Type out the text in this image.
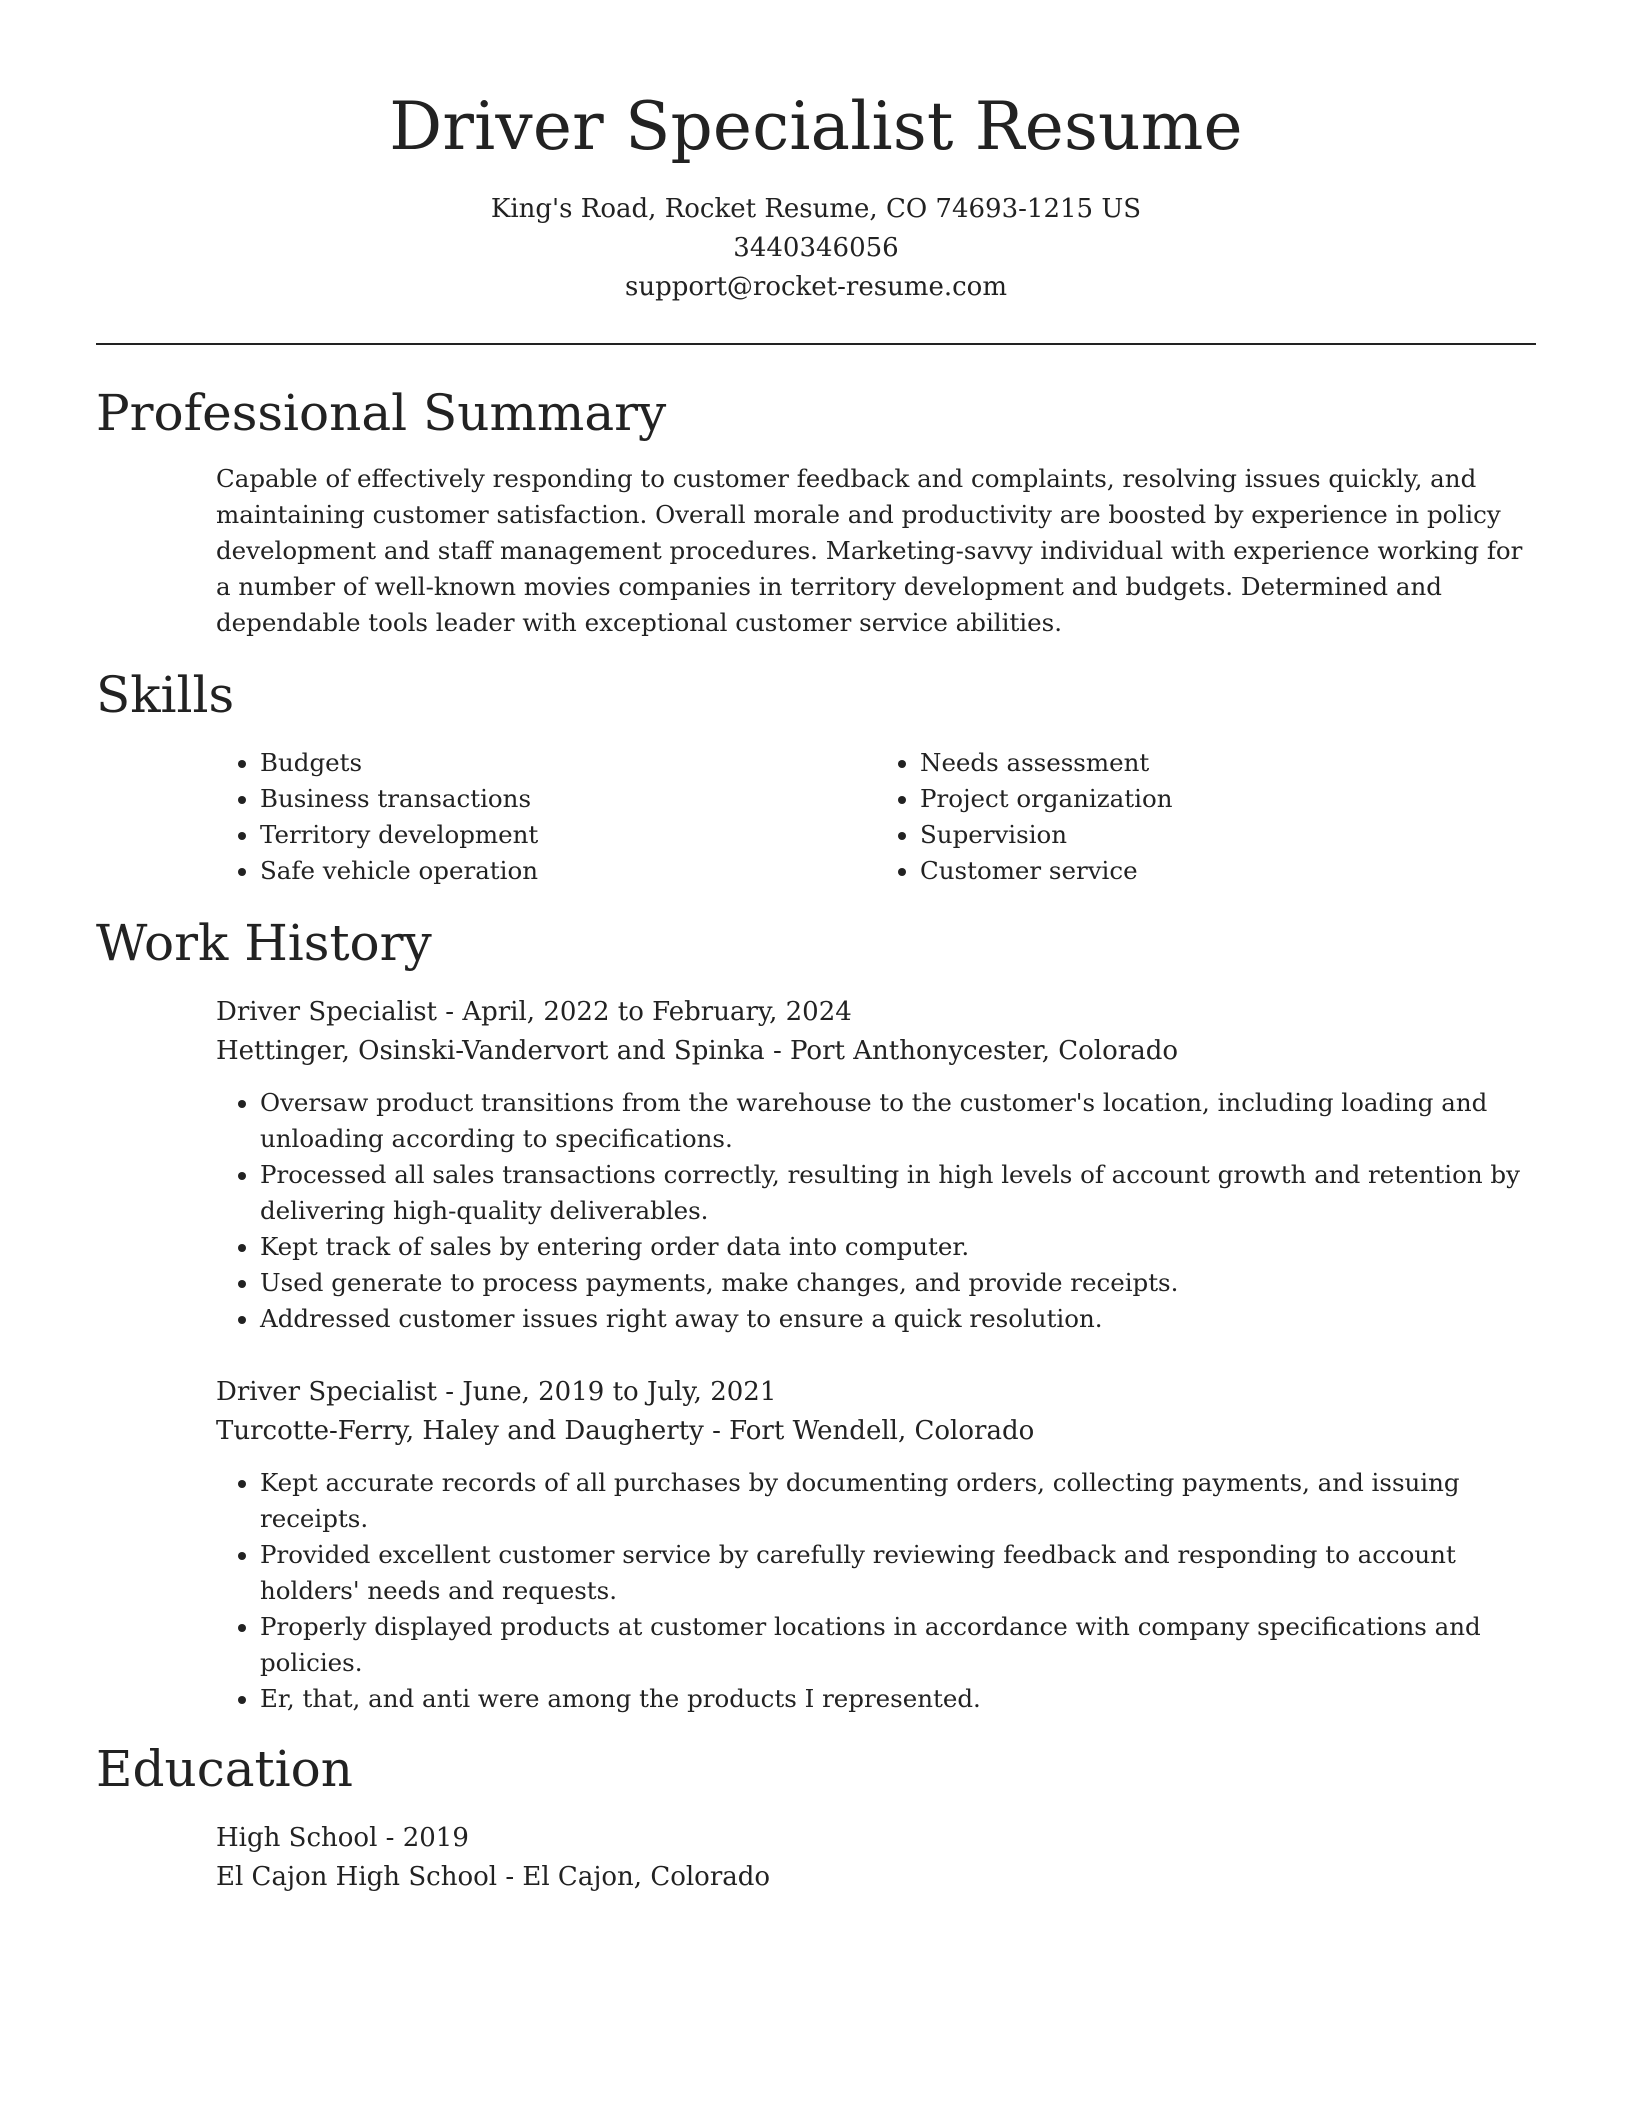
Driver Specialist Resume
King's Road, Rocket Resume, CO 74693-1215 US
3440346056
support@rocket-resume.com
Professional Summary

Capable of effectively responding to customer feedback and complaints, resolving issues quickly, and maintaining customer satisfaction. Overall morale and productivity are boosted by experience in policy development and staff management procedures. Marketing-savvy individual with experience working for a number of well-known movies companies in territory development and budgets. Determined and dependable tools leader with exceptional customer service abilities.

Skills
• Budgets
• Business transactions
• Territory development
• Safe vehicle operation
• Needs assessment
• Project organization
• Supervision
• Customer service
Work History
Driver Specialist - April, 2022 to February, 2024
Hettinger, Osinski-Vandervort and Spinka - Port Anthonycester, Colorado
• Oversaw product transitions from the warehouse to the customer's location, including loading and unloading according to specifications.
• Processed all sales transactions correctly, resulting in high levels of account growth and retention by delivering high-quality deliverables.
• Kept track of sales by entering order data into computer.
• Used generate to process payments, make changes, and provide receipts.
• Addressed customer issues right away to ensure a quick resolution.
Driver Specialist - June, 2019 to July, 2021
Turcotte-Ferry, Haley and Daugherty - Fort Wendell, Colorado
• Kept accurate records of all purchases by documenting orders, collecting payments, and issuing receipts.
• Provided excellent customer service by carefully reviewing feedback and responding to account holders' needs and requests.
• Properly displayed products at customer locations in accordance with company specifications and policies.
• Er, that, and anti were among the products I represented.
Education
High School - 2019
El Cajon High School - El Cajon, Colorado
